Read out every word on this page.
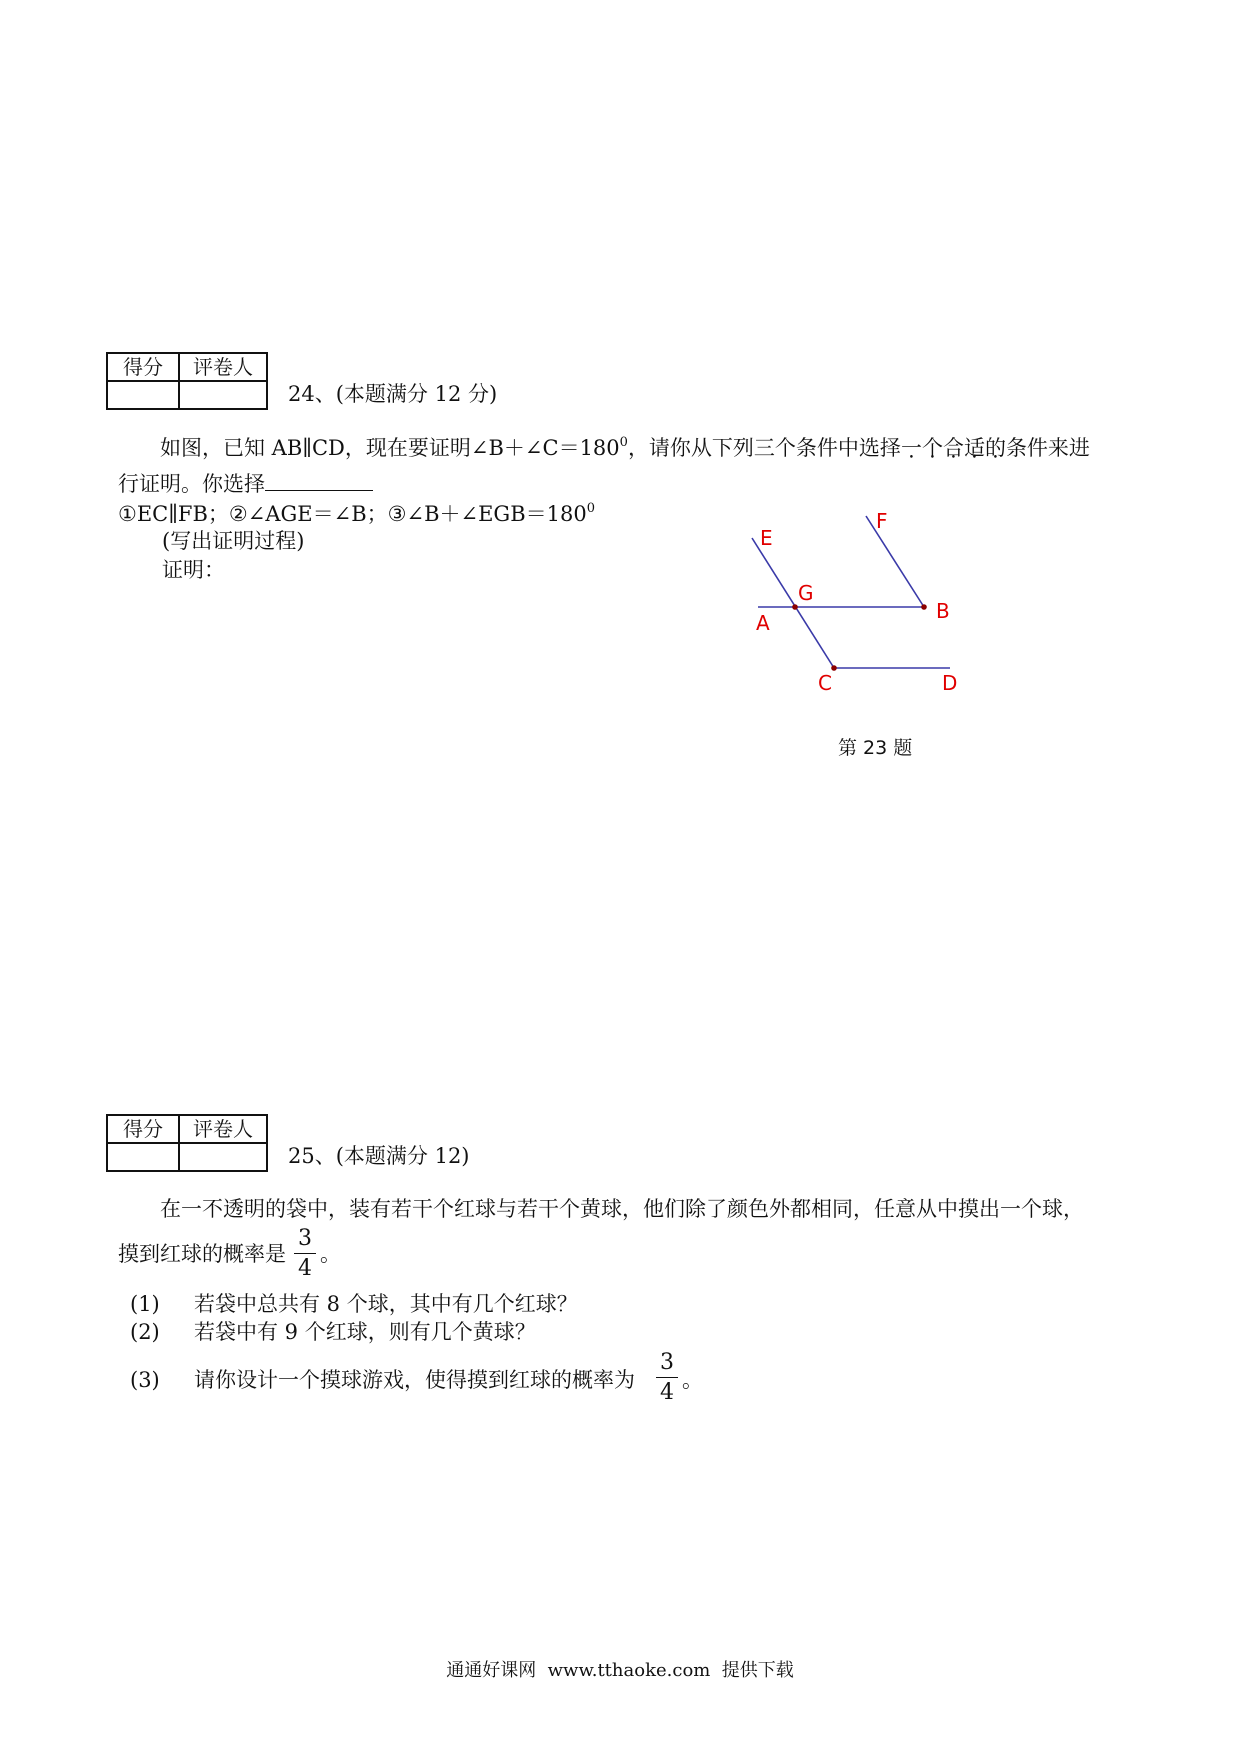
得分	评卷人

24、(本题满分 12 分)
如图，已知 AB∥CD，现在要证明$\angle B+\angle C=180^0$，请你从下列三个条件中选择一个合适的条件来进
行证明。你选择
①EC∥FB；②∠AGE＝∠B；$③\angle B+\angle EGB=180^0$
(写出证明过程)
证明：
E
F
G
A	B
C	D
第 23 题
得分	评卷人

25、(本题满分 12)
在一不透明的袋中，装有若干个红球与若干个黄球，他们除了颜色外都相同，任意从中摸出一个球，
摸到红球的概率是 $\frac{3}{4}$ 。
(1) 若袋中总共有 8 个球，其中有几个红球？
(2) 若袋中有 9 个红球，则有几个黄球？
(3) 请你设计一个摸球游戏，使得摸到红球的概率为 $\frac{3}{4}$ 。
通通好课网  www.tthaoke.com  提供下载
